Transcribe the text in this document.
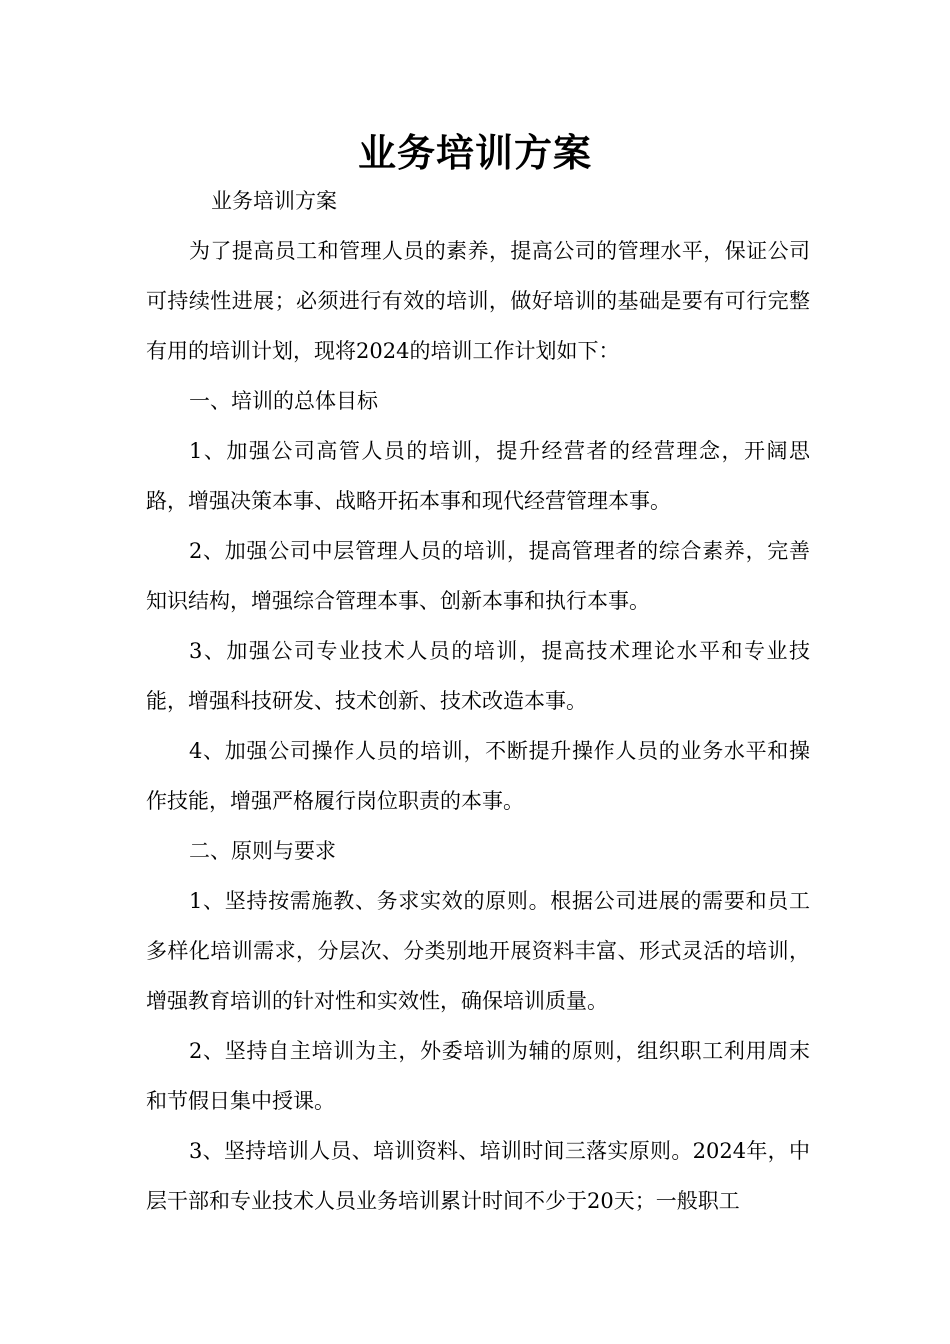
业务培训方案

业务培训方案

为了提高员工和管理人员的素养，提高公司的管理水平，保证公司可持续性进展；必须进行有效的培训，做好培训的基础是要有可行完整有用的培训计划，现将2024的培训工作计划如下：

一、培训的总体目标

1、加强公司高管人员的培训，提升经营者的经营理念，开阔思路，增强决策本事、战略开拓本事和现代经营管理本事。

2、加强公司中层管理人员的培训，提高管理者的综合素养，完善知识结构，增强综合管理本事、创新本事和执行本事。

3、加强公司专业技术人员的培训，提高技术理论水平和专业技能，增强科技研发、技术创新、技术改造本事。

4、加强公司操作人员的培训，不断提升操作人员的业务水平和操作技能，增强严格履行岗位职责的本事。

二、原则与要求

1、坚持按需施教、务求实效的原则。根据公司进展的需要和员工多样化培训需求，分层次、分类别地开展资料丰富、形式灵活的培训，增强教育培训的针对性和实效性，确保培训质量。

2、坚持自主培训为主，外委培训为辅的原则，组织职工利用周末和节假日集中授课。

3、坚持培训人员、培训资料、培训时间三落实原则。2024年，中层干部和专业技术人员业务培训累计时间不少于20天；一般职工
